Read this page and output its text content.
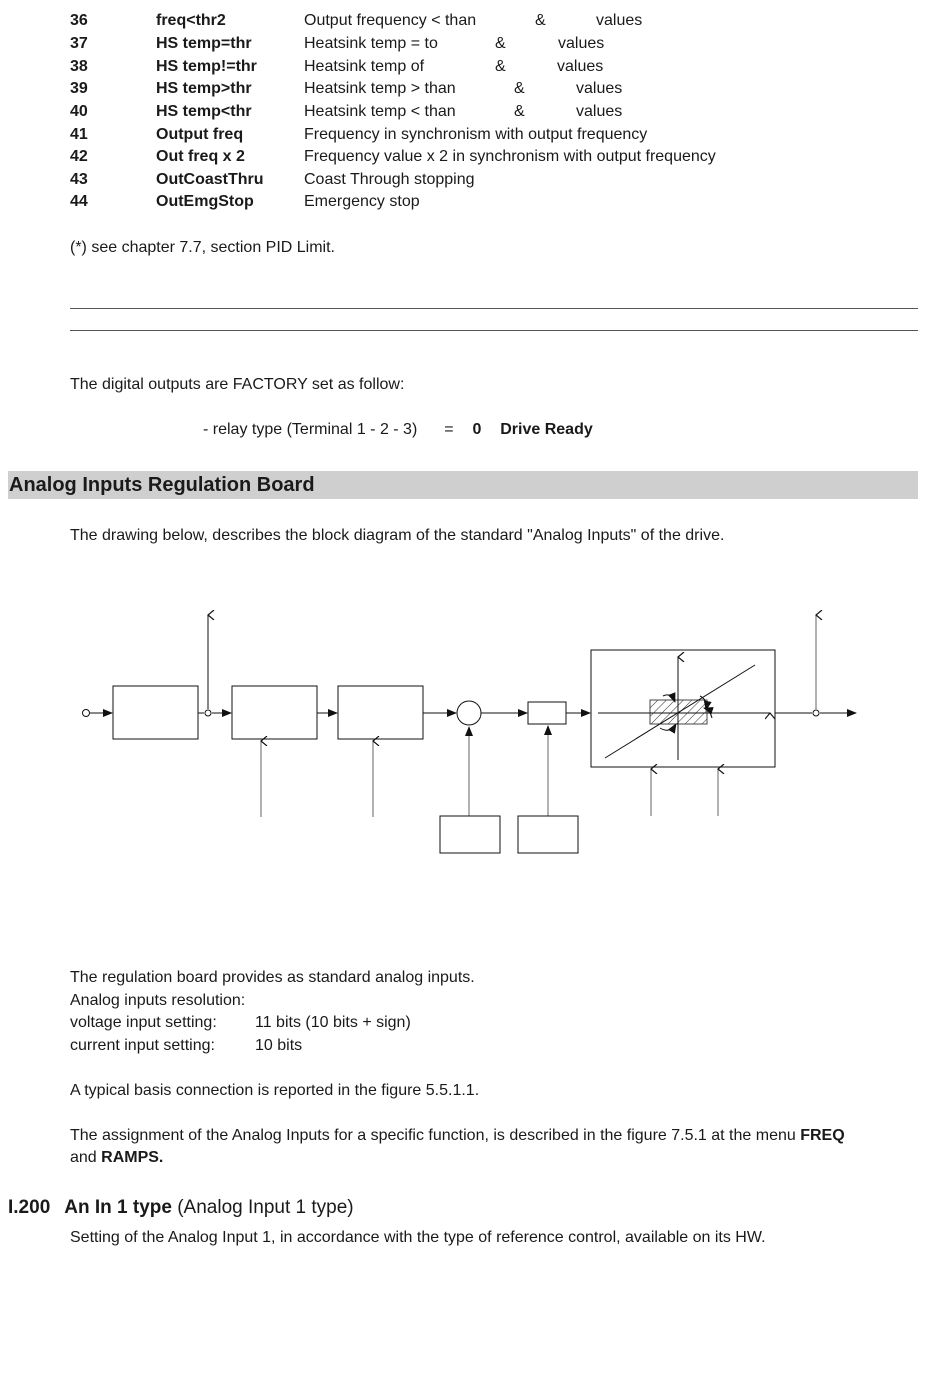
36	freq<thr2	Output frequency < than	&	values
37	HS temp=thr	Heatsink temp = to	&	values
38	HS temp!=thr	Heatsink temp of	&	values
39	HS temp>thr	Heatsink temp > than	&	values
40	HS temp<thr	Heatsink temp < than	&	values
41	Output freq	Frequency in synchronism with output frequency
42	Out freq x 2	Frequency value x 2 in synchronism with output frequency
43	OutCoastThru	Coast Through stopping
44	OutEmgStop	Emergency stop
(*) see chapter 7.7, section PID Limit.
The digital outputs are FACTORY set as follow:
- relay type (Terminal 1 - 2 - 3) = 0 Drive Ready
Analog Inputs Regulation Board
The drawing below, describes the block diagram of the standard "Analog Inputs" of the drive.
The regulation board provides as standard analog inputs.
Analog inputs resolution:
voltage input setting: 11 bits (10 bits + sign)
current input setting:	10 bits
A typical basis connection is reported in the figure 5.5.1.1.
The assignment of the Analog Inputs for a specific function, is described in the figure 7.5.1 at the menu FREQ
and RAMPS.
I.200 An In 1 type (Analog Input 1 type)
Setting of the Analog Input 1, in accordance with the type of reference control, available on its HW.
